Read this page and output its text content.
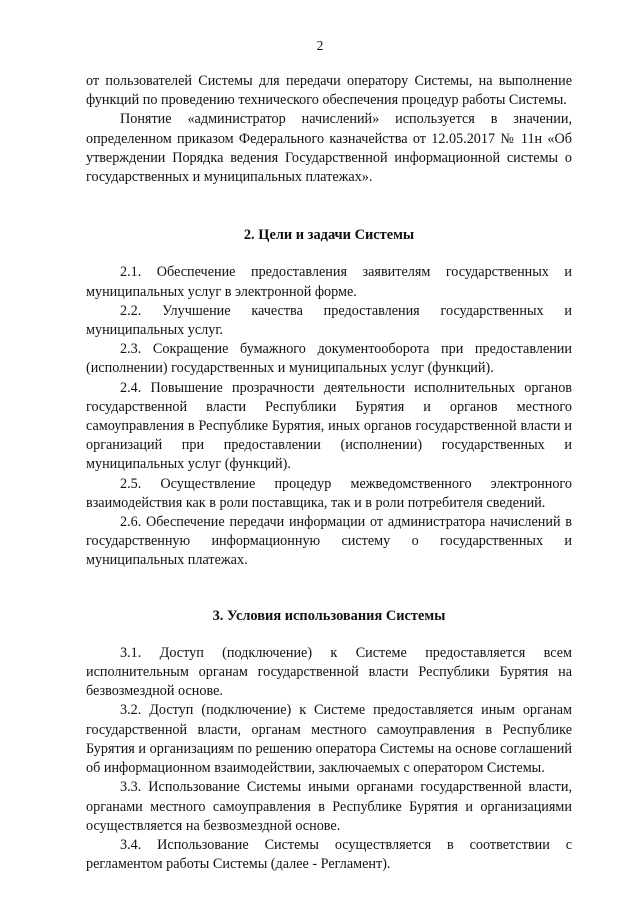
2

от пользователей Системы для передачи оператору Системы, на выполнение функций по проведению технического обеспечения процедур работы Системы.

Понятие «администратор начислений» используется в значении, определенном приказом Федерального казначейства от 12.05.2017 № 11н «Об утверждении Порядка ведения Государственной информационной системы о государственных и муниципальных платежах».

2. Цели и задачи Системы

2.1. Обеспечение предоставления заявителям государственных и муниципальных услуг в электронной форме.

2.2. Улучшение качества предоставления государственных и муниципальных услуг.

2.3. Сокращение бумажного документооборота при предоставлении (исполнении) государственных и муниципальных услуг (функций).

2.4. Повышение прозрачности деятельности исполнительных органов государственной власти Республики Бурятия и органов местного самоуправления в Республике Бурятия, иных органов государственной власти и организаций при предоставлении (исполнении) государственных и муниципальных услуг (функций).

2.5. Осуществление процедур межведомственного электронного взаимодействия как в роли поставщика, так и в роли потребителя сведений.

2.6. Обеспечение передачи информации от администратора начислений в государственную информационную систему о государственных и муниципальных платежах.

3. Условия использования Системы

3.1. Доступ (подключение) к Системе предоставляется всем исполнительным органам государственной власти Республики Бурятия на безвозмездной основе.

3.2. Доступ (подключение) к Системе предоставляется иным органам государственной власти, органам местного самоуправления в Республике Бурятия и организациям по решению оператора Системы на основе соглашений об информационном взаимодействии, заключаемых с оператором Системы.

3.3. Использование Системы иными органами государственной власти, органами местного самоуправления в Республике Бурятия и организациями осуществляется на безвозмездной основе.

3.4. Использование Системы осуществляется в соответствии с регламентом работы Системы (далее - Регламент).
